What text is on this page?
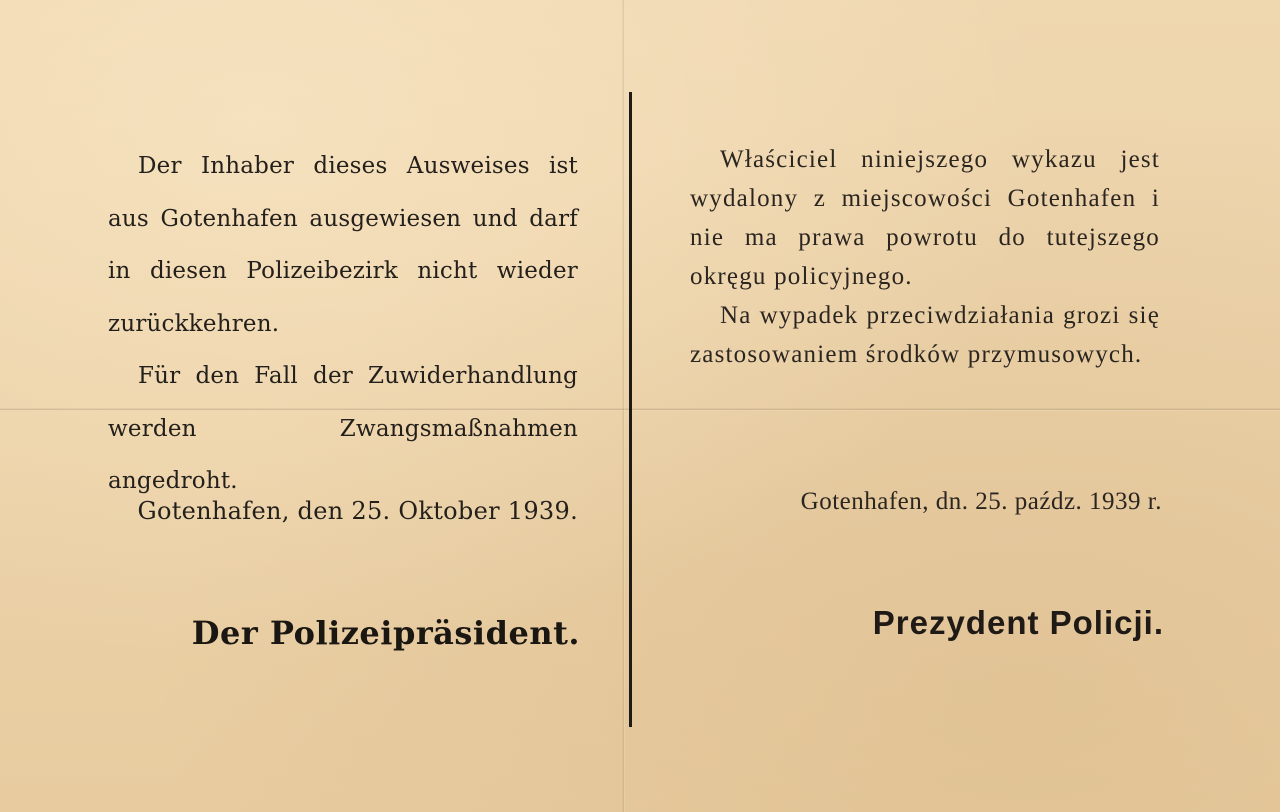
Der Inhaber dieses Ausweises ist aus Gotenhafen ausgewiesen und darf in diesen Polizeibezirk nicht wieder zurückkehren.

Für den Fall der Zuwiderhandlung werden Zwangsmaßnahmen angedroht.

Właściciel niniejszego wykazu jest wydalony z miejscowości Gotenhafen i nie ma prawa powrotu do tutejszego okręgu policyjnego.

Na wypadek przeciwdziałania grozi się zastosowaniem środków przymusowych.

Gotenhafen, den 25. Oktober 1939.	Gotenhafen, dn. 25. paźdz. 1939 r.
Der Polizeipräsident.	Prezydent Policji.
